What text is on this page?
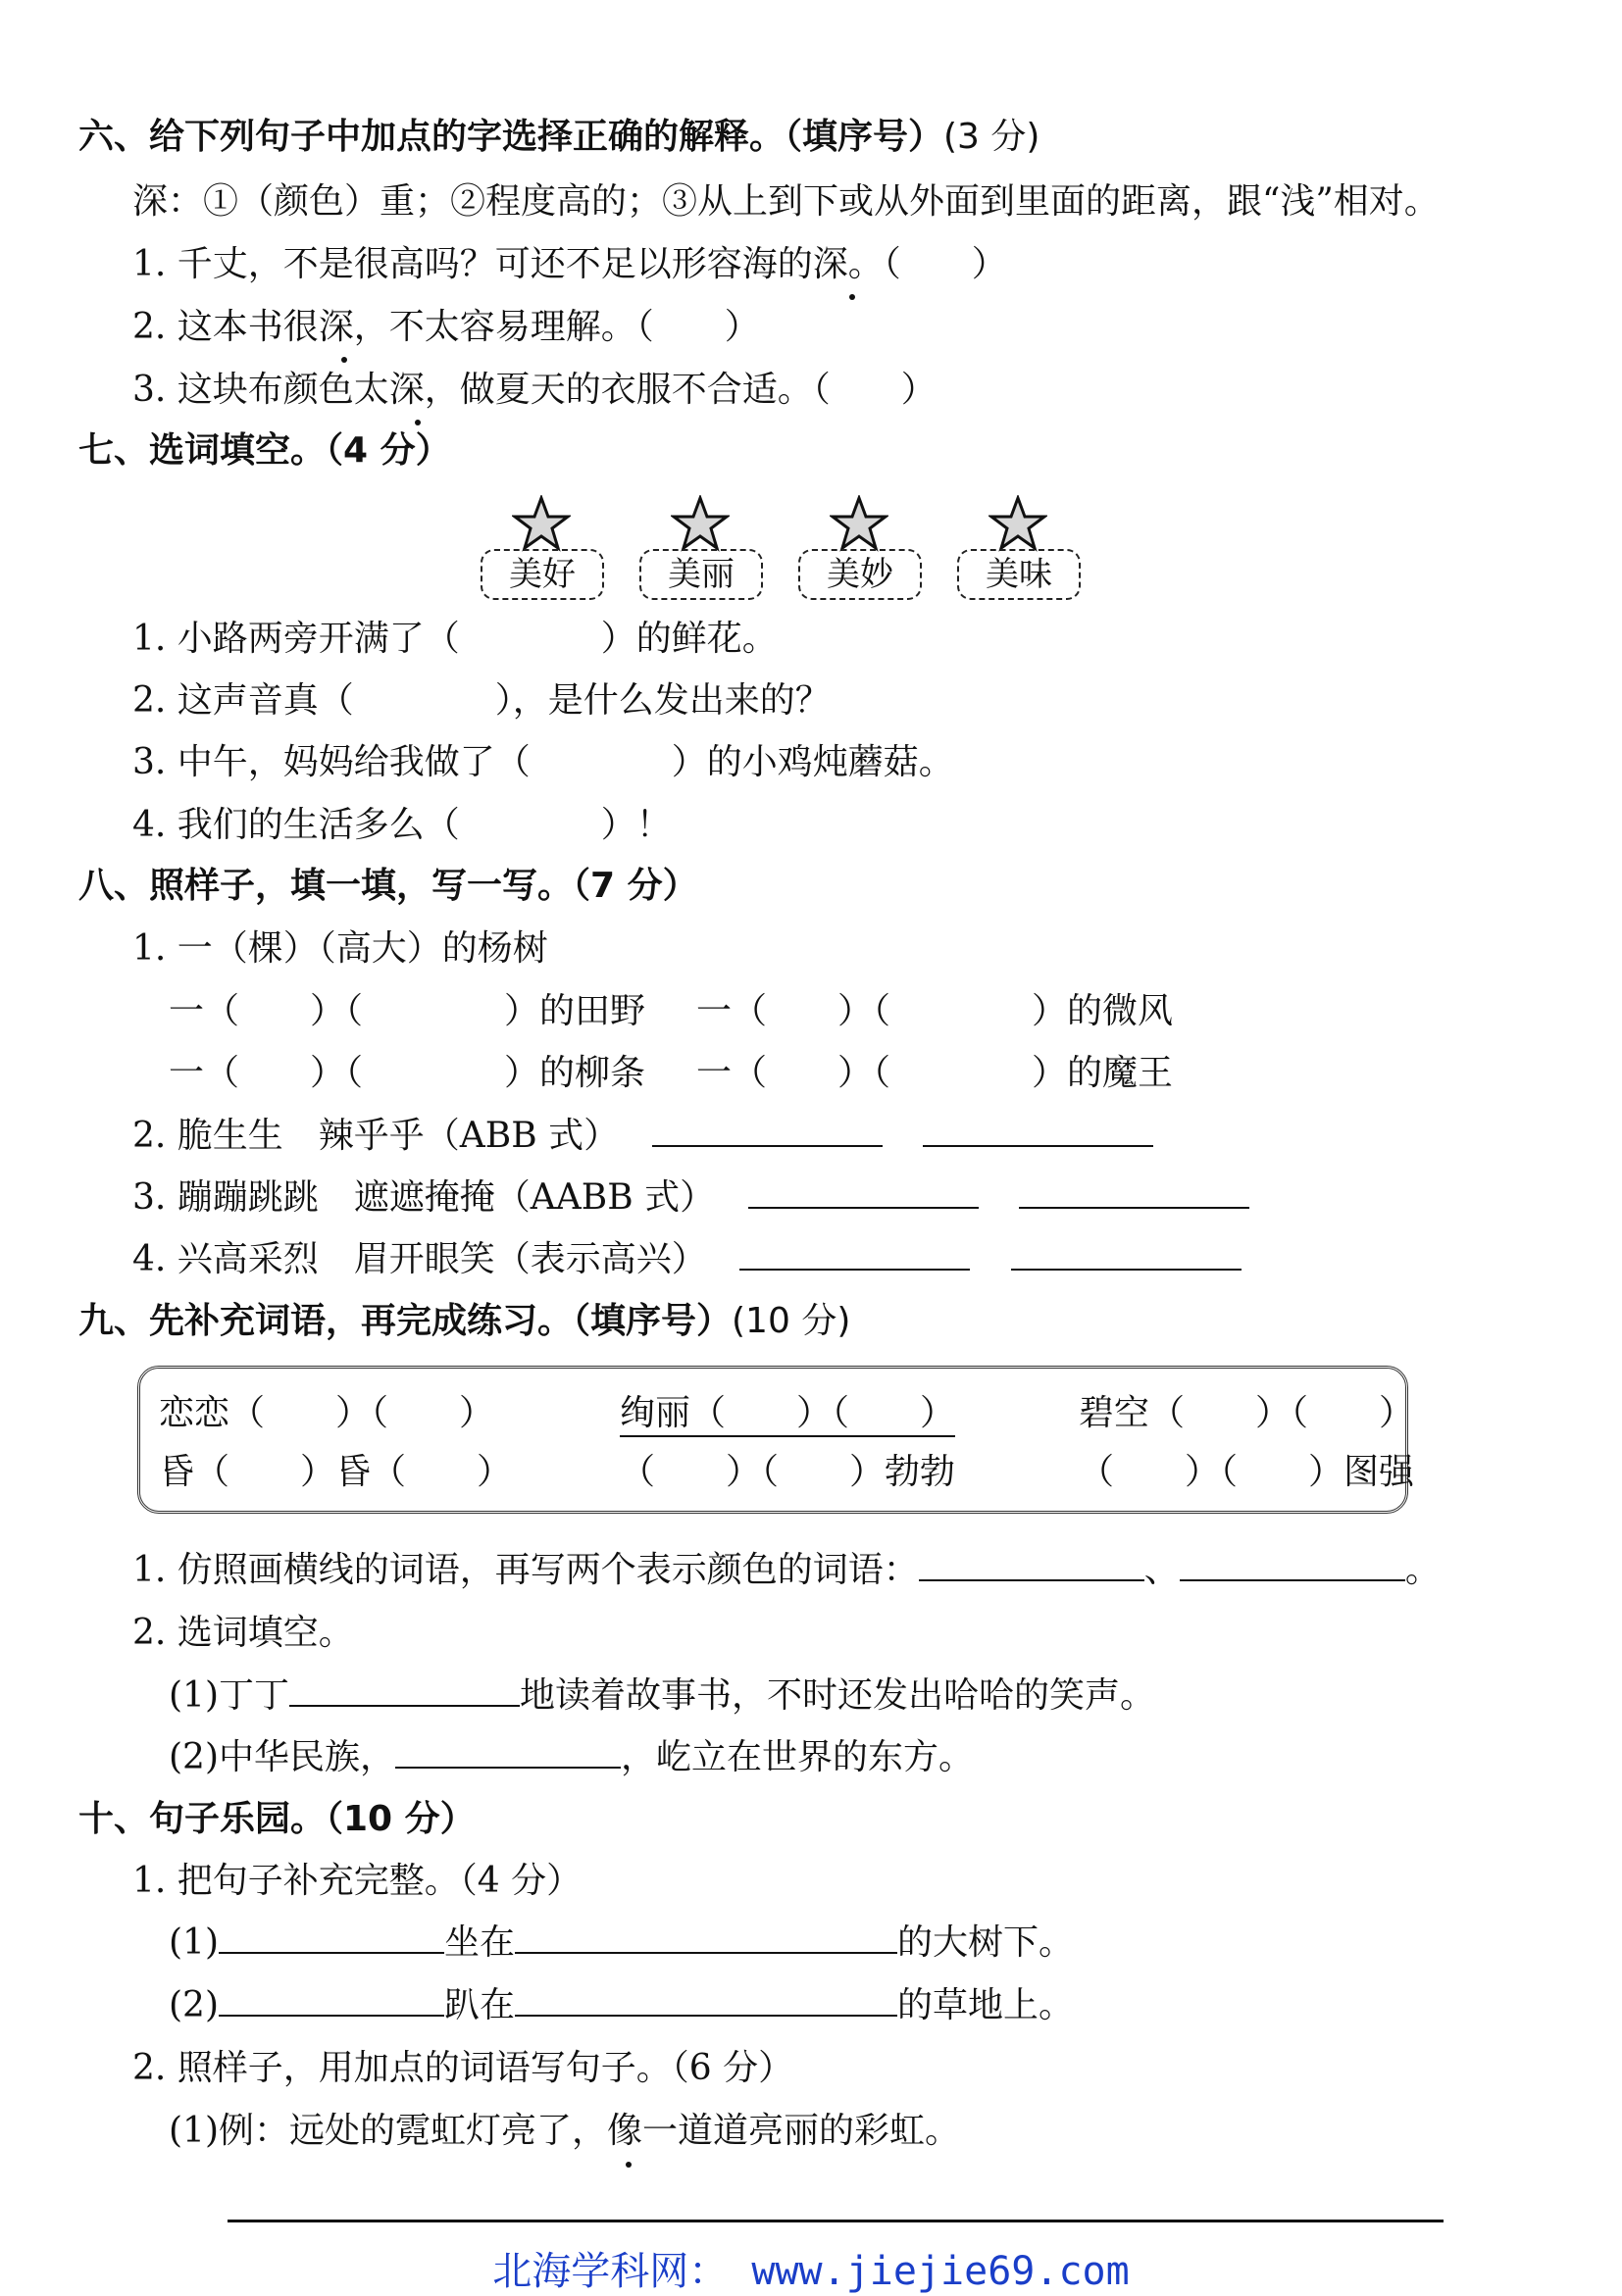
六、给下列句子中加点的字选择正确的解释。（填序号）(3 分)
深：①（颜色）重；②程度高的；③从上到下或从外面到里面的距离，跟“浅”相对。
1. 千丈，不是很高吗？可还不足以形容海的深。（　　）
2. 这本书很深，不太容易理解。（　　）
3. 这块布颜色太深，做夏天的衣服不合适。（　　）
七、选词填空。（4 分）
美好	美丽	美妙	美味
1. 小路两旁开满了（　　　　）的鲜花。
2. 这声音真（　　　　），是什么发出来的？
3. 中午，妈妈给我做了（　　　　）的小鸡炖蘑菇。
4. 我们的生活多么（　　　　）！
八、照样子，填一填，写一写。（7 分）
1. 一（棵）（高大）的杨树
一（　　）（　　　　）的田野 一（　　）（　　　　）的微风
一（　　）（　　　　）的柳条 一（　　）（　　　　）的魔王
2. 脆生生　辣乎乎（ABB 式）
3. 蹦蹦跳跳　遮遮掩掩（AABB 式）
4. 兴高采烈　眉开眼笑（表示高兴）
九、先补充词语，再完成练习。（填序号）(10 分)
恋恋（　　）（　　）	绚丽（　　）（　　）	碧空（　　）（　　）
昏（　　）昏（　　）	（　　）（　　）勃勃	（　　）（　　）图强
1. 仿照画横线的词语，再写两个表示颜色的词语：	、	。
2. 选词填空。
(1)丁丁	地读着故事书，不时还发出哈哈的笑声。
(2)中华民族，	，屹立在世界的东方。
十、句子乐园。（10 分）
1. 把句子补充完整。（4 分）
(1)	坐在	的大树下。
(2)	趴在	的草地上。
2. 照样子，用加点的词语写句子。（6 分）
(1)例：远处的霓虹灯亮了，像一道道亮丽的彩虹。
北海学科网： www.jiejie69.com
